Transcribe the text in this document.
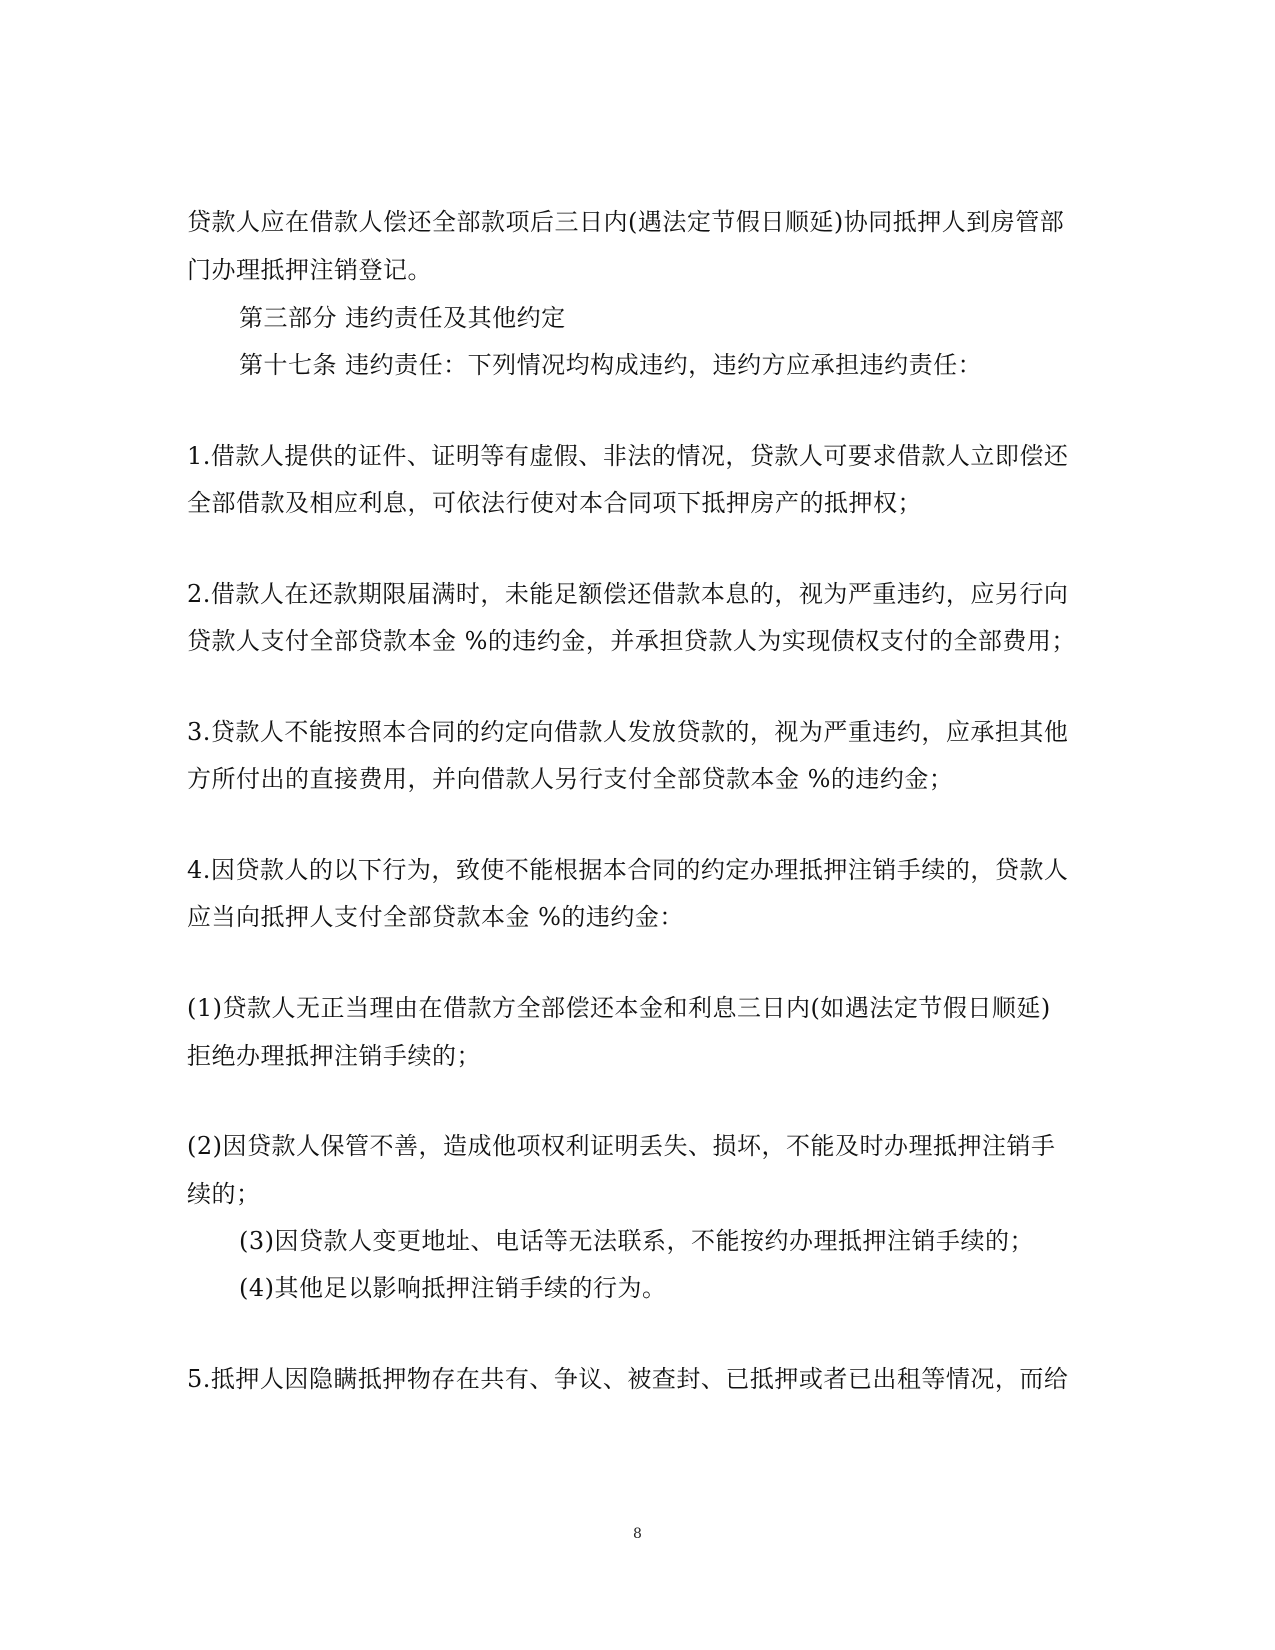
贷款人应在借款人偿还全部款项后三日内(遇法定节假日顺延)协同抵押人到房管部
门办理抵押注销登记。
第三部分 违约责任及其他约定
第十七条 违约责任：下列情况均构成违约，违约方应承担违约责任：
1.借款人提供的证件、证明等有虚假、非法的情况，贷款人可要求借款人立即偿还
全部借款及相应利息，可依法行使对本合同项下抵押房产的抵押权；
2.借款人在还款期限届满时，未能足额偿还借款本息的，视为严重违约，应另行向
贷款人支付全部贷款本金 %的违约金，并承担贷款人为实现债权支付的全部费用；
3.贷款人不能按照本合同的约定向借款人发放贷款的，视为严重违约，应承担其他
方所付出的直接费用，并向借款人另行支付全部贷款本金 %的违约金；
4.因贷款人的以下行为，致使不能根据本合同的约定办理抵押注销手续的，贷款人
应当向抵押人支付全部贷款本金 %的违约金：
(1)贷款人无正当理由在借款方全部偿还本金和利息三日内(如遇法定节假日顺延)
拒绝办理抵押注销手续的；
(2)因贷款人保管不善，造成他项权利证明丢失、损坏，不能及时办理抵押注销手
续的；
(3)因贷款人变更地址、电话等无法联系，不能按约办理抵押注销手续的；
(4)其他足以影响抵押注销手续的行为。
5.抵押人因隐瞒抵押物存在共有、争议、被查封、已抵押或者已出租等情况，而给
8
